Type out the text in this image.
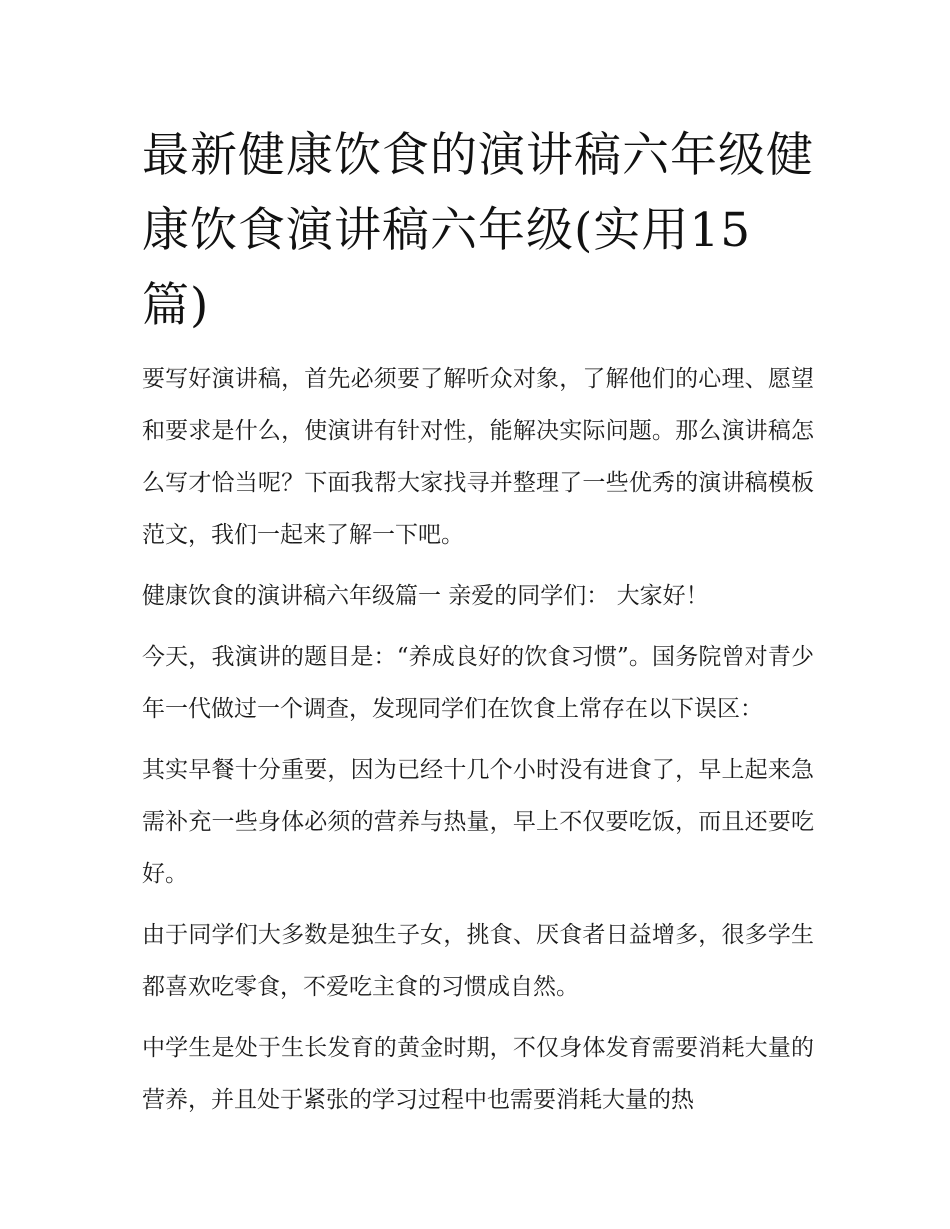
最新健康饮食的演讲稿六年级健康饮食演讲稿六年级(实用15篇)

要写好演讲稿，首先必须要了解听众对象，了解他们的心理、愿望和要求是什么，使演讲有针对性，能解决实际问题。那么演讲稿怎么写才恰当呢？下面我帮大家找寻并整理了一些优秀的演讲稿模板范文，我们一起来了解一下吧。

健康饮食的演讲稿六年级篇一 亲爱的同学们： 大家好！

今天，我演讲的题目是：“养成良好的饮食习惯”。国务院曾对青少年一代做过一个调查，发现同学们在饮食上常存在以下误区：

其实早餐十分重要，因为已经十几个小时没有进食了，早上起来急需补充一些身体必须的营养与热量，早上不仅要吃饭，而且还要吃好。

由于同学们大多数是独生子女，挑食、厌食者日益增多，很多学生都喜欢吃零食，不爱吃主食的习惯成自然。

中学生是处于生长发育的黄金时期，不仅身体发育需要消耗大量的营养，并且处于紧张的学习过程中也需要消耗大量的热
